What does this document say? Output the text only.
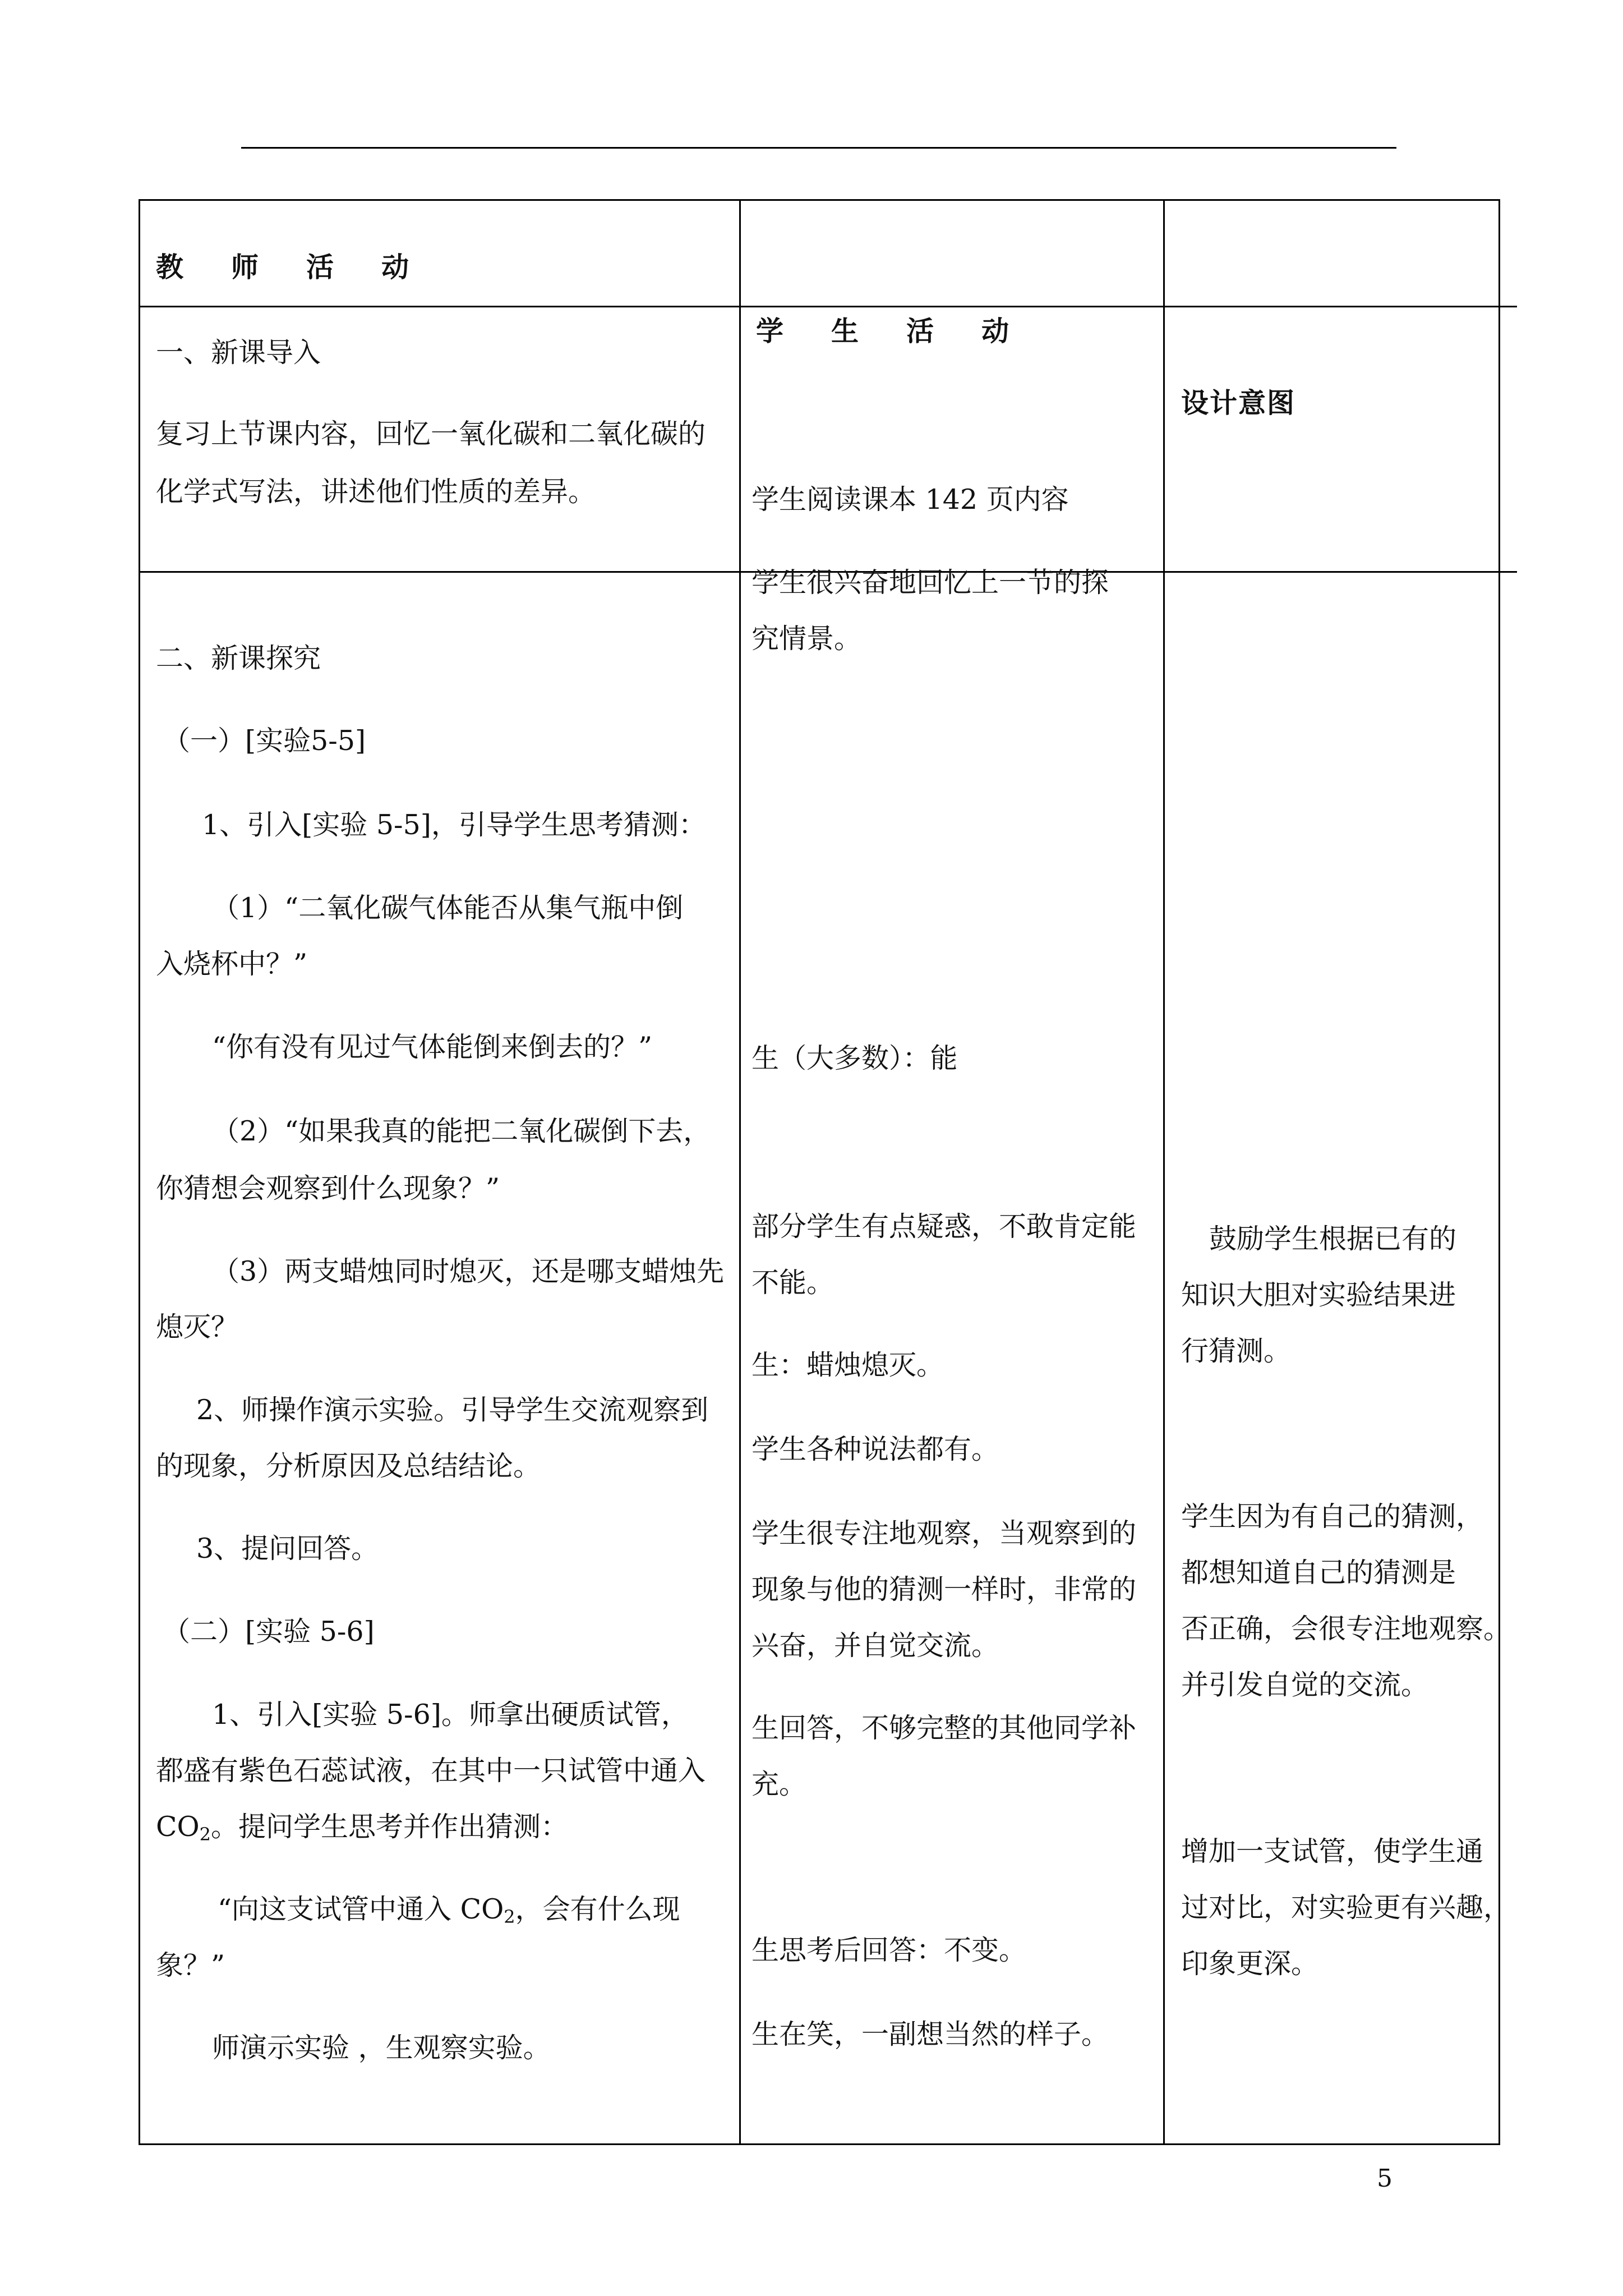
教 师 活 动
学 生 活 动
设计意图
一、新课导入
复习上节课内容，回忆一氧化碳和二氧化碳的
化学式写法，讲述他们性质的差异。
二、新课探究
（一）[实验5-5]
1、引入[实验 5-5]，引导学生思考猜测：
（1）“二氧化碳气体能否从集气瓶中倒
入烧杯中？”
“你有没有见过气体能倒来倒去的？”
（2）“如果我真的能把二氧化碳倒下去，
你猜想会观察到什么现象？”
（3）两支蜡烛同时熄灭，还是哪支蜡烛先
熄灭？
2、师操作演示实验。引导学生交流观察到
的现象，分析原因及总结结论。
3、提问回答。
（二）[实验 5-6]
1、引入[实验 5-6]。师拿出硬质试管，
都盛有紫色石蕊试液，在其中一只试管中通入
$CO_2$。提问学生思考并作出猜测：
“向这支试管中通入 $CO_2$，会有什么现
象？”
师演示实验 ，生观察实验。
学生阅读课本 142 页内容
学生很兴奋地回忆上一节的探
究情景。
生（大多数）：能
部分学生有点疑惑，不敢肯定能
不能。
生：蜡烛熄灭。
学生各种说法都有。
学生很专注地观察，当观察到的
现象与他的猜测一样时，非常的
兴奋，并自觉交流。
生回答，不够完整的其他同学补
充。
生思考后回答：不变。
生在笑，一副想当然的样子。
鼓励学生根据已有的
知识大胆对实验结果进
行猜测。
学生因为有自己的猜测，
都想知道自己的猜测是
否正确，会很专注地观察。
并引发自觉的交流。
增加一支试管，使学生通
过对比，对实验更有兴趣，
印象更深。
5
